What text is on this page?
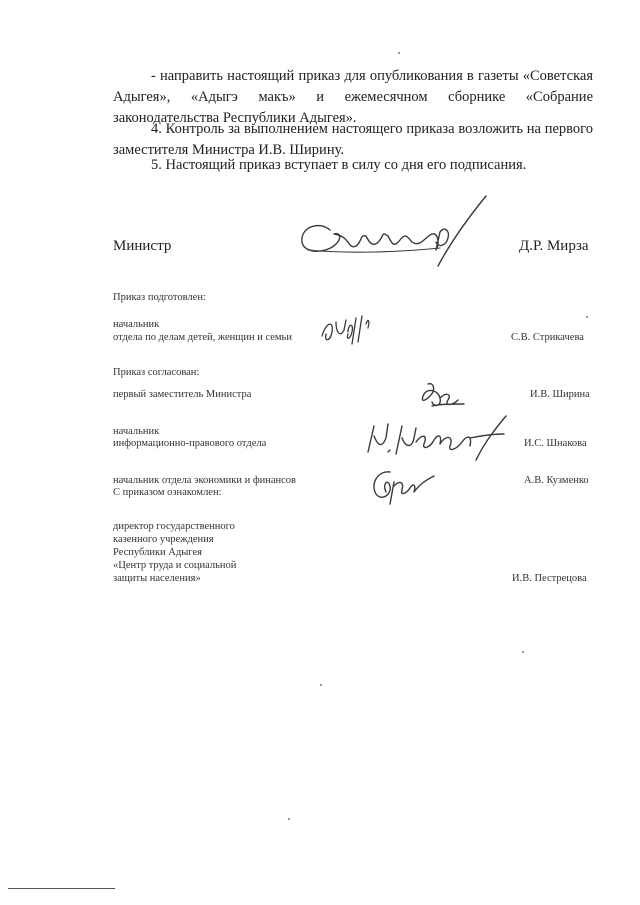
- направить настоящий приказ для опубликования в газеты «Советская Адыгея», «Адыгэ макъ» и ежемесячном сборнике «Собрание законодательства Республики Адыгея».
4. Контроль за выполнением настоящего приказа возложить на первого заместителя Министра И.В. Ширину.
5. Настоящий приказ вступает в силу со дня его подписания.
Министр	Д.Р. Мирза
Приказ подготовлен:
начальник
отдела по делам детей, женщин и семьи	С.В. Стрикачева
Приказ согласован:
первый заместитель Министра	И.В. Ширина
начальник
информационно-правового отдела	И.С. Шнакова
начальник отдела экономики и финансов	А.В. Кузменко
С приказом ознакомлен:
директор государственного
казенного учреждения
Республики Адыгея
«Центр труда и социальной
защиты населения»	И.В. Пестрецова
